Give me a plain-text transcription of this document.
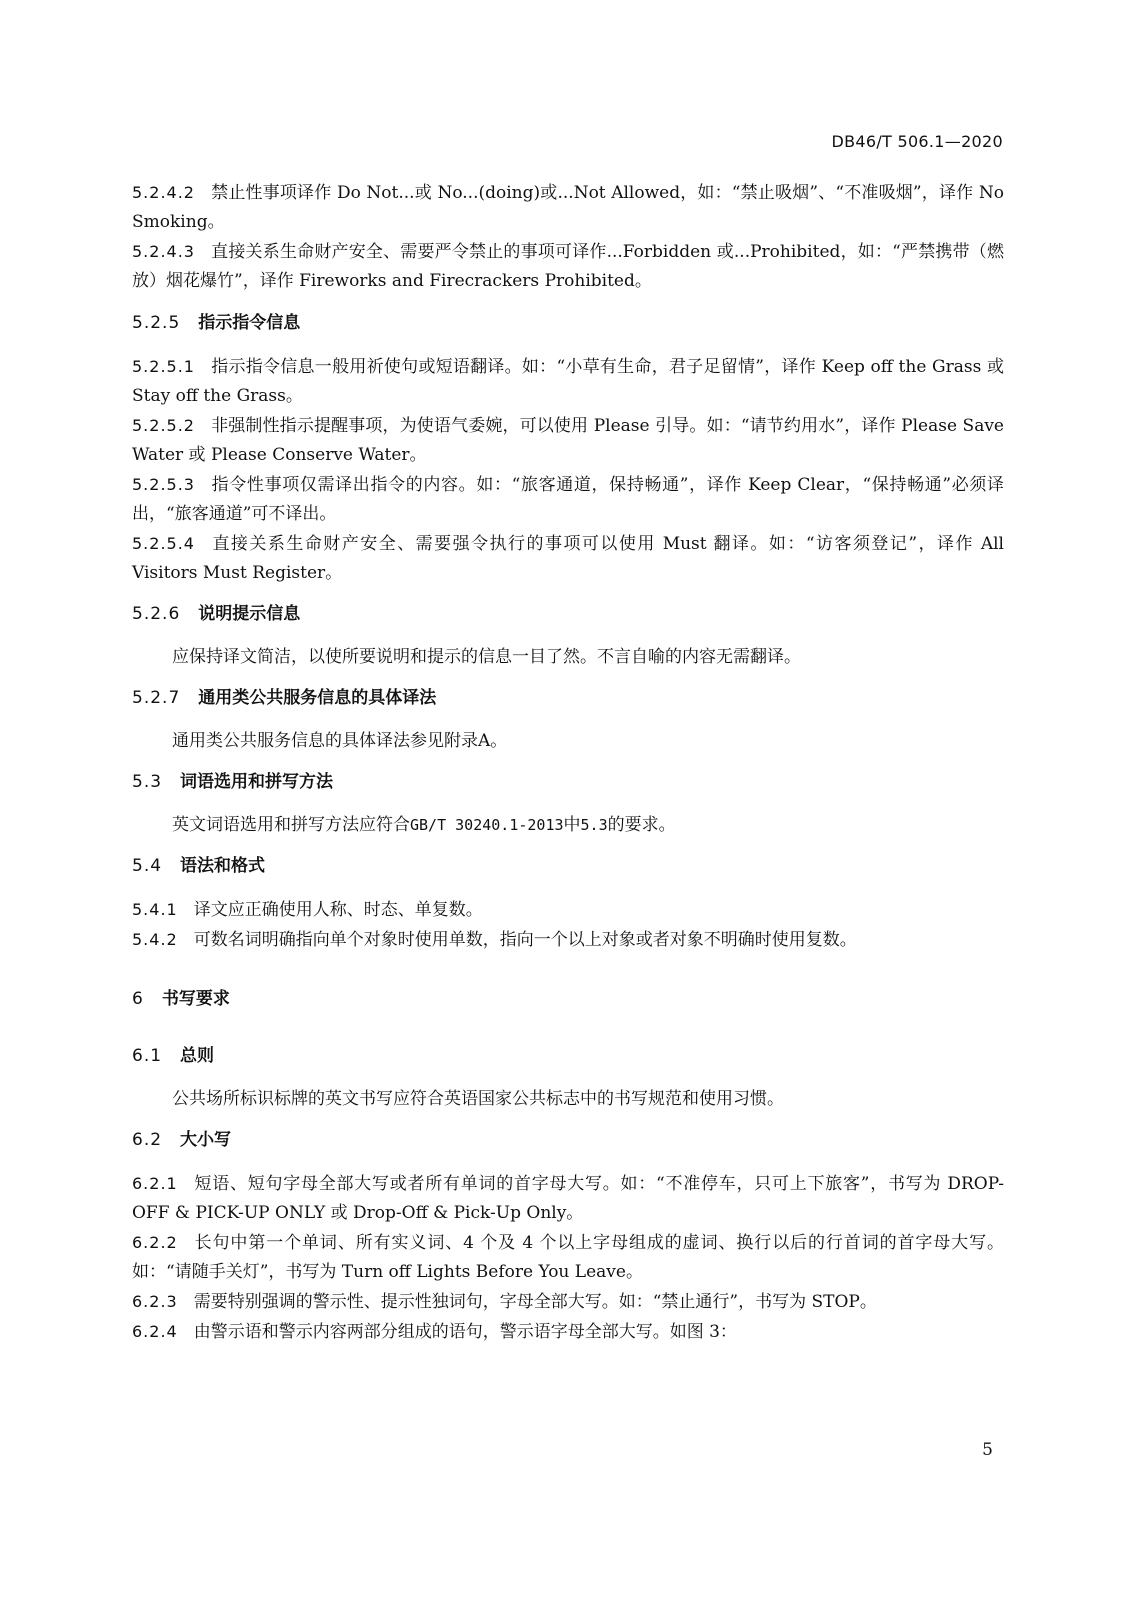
DB46/T 506.1—2020

5.2.4.2 禁止性事项译作 Do Not...或 No...(doing)或...Not Allowed，如：“禁止吸烟”、“不准吸烟”，译作 No Smoking。

5.2.4.3 直接关系生命财产安全、需要严令禁止的事项可译作...Forbidden 或...Prohibited，如：“严禁携带（燃放）烟花爆竹”，译作 Fireworks and Firecrackers Prohibited。

5.2.5 指示指令信息

5.2.5.1 指示指令信息一般用祈使句或短语翻译。如：“小草有生命，君子足留情”，译作 Keep off the Grass 或 Stay off the Grass。

5.2.5.2 非强制性指示提醒事项，为使语气委婉，可以使用 Please 引导。如：“请节约用水”，译作 Please Save Water 或 Please Conserve Water。

5.2.5.3 指令性事项仅需译出指令的内容。如：“旅客通道，保持畅通”，译作 Keep Clear，“保持畅通”必须译出，“旅客通道”可不译出。

5.2.5.4 直接关系生命财产安全、需要强令执行的事项可以使用 Must 翻译。如：“访客须登记”，译作 All Visitors Must Register。

5.2.6 说明提示信息

应保持译文简洁，以使所要说明和提示的信息一目了然。不言自喻的内容无需翻译。

5.2.7 通用类公共服务信息的具体译法

通用类公共服务信息的具体译法参见附录A。

5.3 词语选用和拼写方法

英文词语选用和拼写方法应符合GB/T 30240.1-2013中5.3的要求。

5.4 语法和格式

5.4.1 译文应正确使用人称、时态、单复数。

5.4.2 可数名词明确指向单个对象时使用单数，指向一个以上对象或者对象不明确时使用复数。

6 书写要求

6.1 总则

公共场所标识标牌的英文书写应符合英语国家公共标志中的书写规范和使用习惯。

6.2 大小写

6.2.1 短语、短句字母全部大写或者所有单词的首字母大写。如：“不准停车，只可上下旅客”，书写为 DROP-OFF & PICK-UP ONLY 或 Drop-Off & Pick-Up Only。

6.2.2 长句中第一个单词、所有实义词、4 个及 4 个以上字母组成的虚词、换行以后的行首词的首字母大写。如：“请随手关灯”，书写为 Turn off Lights Before You Leave。

6.2.3 需要特别强调的警示性、提示性独词句，字母全部大写。如：“禁止通行”，书写为 STOP。

6.2.4 由警示语和警示内容两部分组成的语句，警示语字母全部大写。如图 3：

5
